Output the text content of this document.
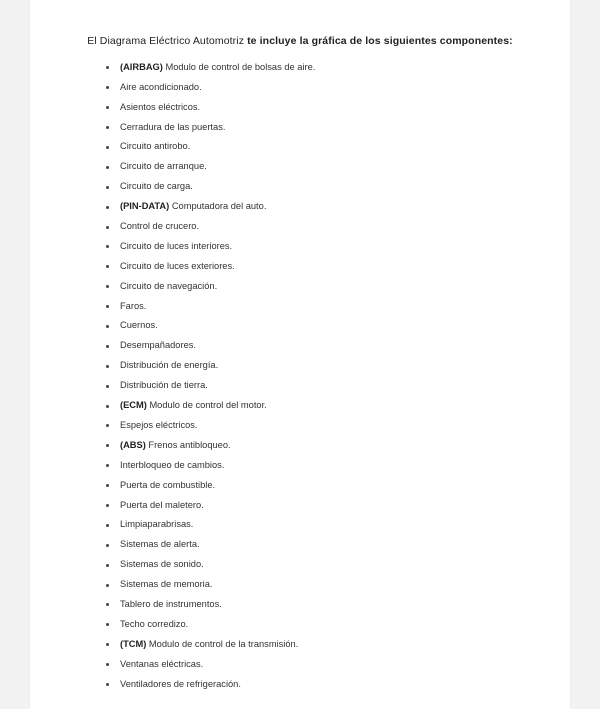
El Diagrama Eléctrico Automotriz te incluye la gráfica de los siguientes componentes:

(AIRBAG) Modulo de control de bolsas de aire.
Aire acondicionado.
Asientos eléctricos.
Cerradura de las puertas.
Circuito antirobo.
Circuito de arranque.
Circuito de carga.
(PIN-DATA) Computadora del auto.
Control de crucero.
Circuito de luces interiores.
Circuito de luces exteriores.
Circuito de navegación.
Faros.
Cuernos.
Desempañadores.
Distribución de energía.
Distribución de tierra.
(ECM) Modulo de control del motor.
Espejos eléctricos.
(ABS) Frenos antibloqueo.
Interbloqueo de cambios.
Puerta de combustible.
Puerta del maletero.
Limpiaparabrisas.
Sistemas de alerta.
Sistemas de sonido.
Sistemas de memoria.
Tablero de instrumentos.
Techo corredizo.
(TCM) Modulo de control de la transmisión.
Ventanas eléctricas.
Ventiladores de refrigeración.
